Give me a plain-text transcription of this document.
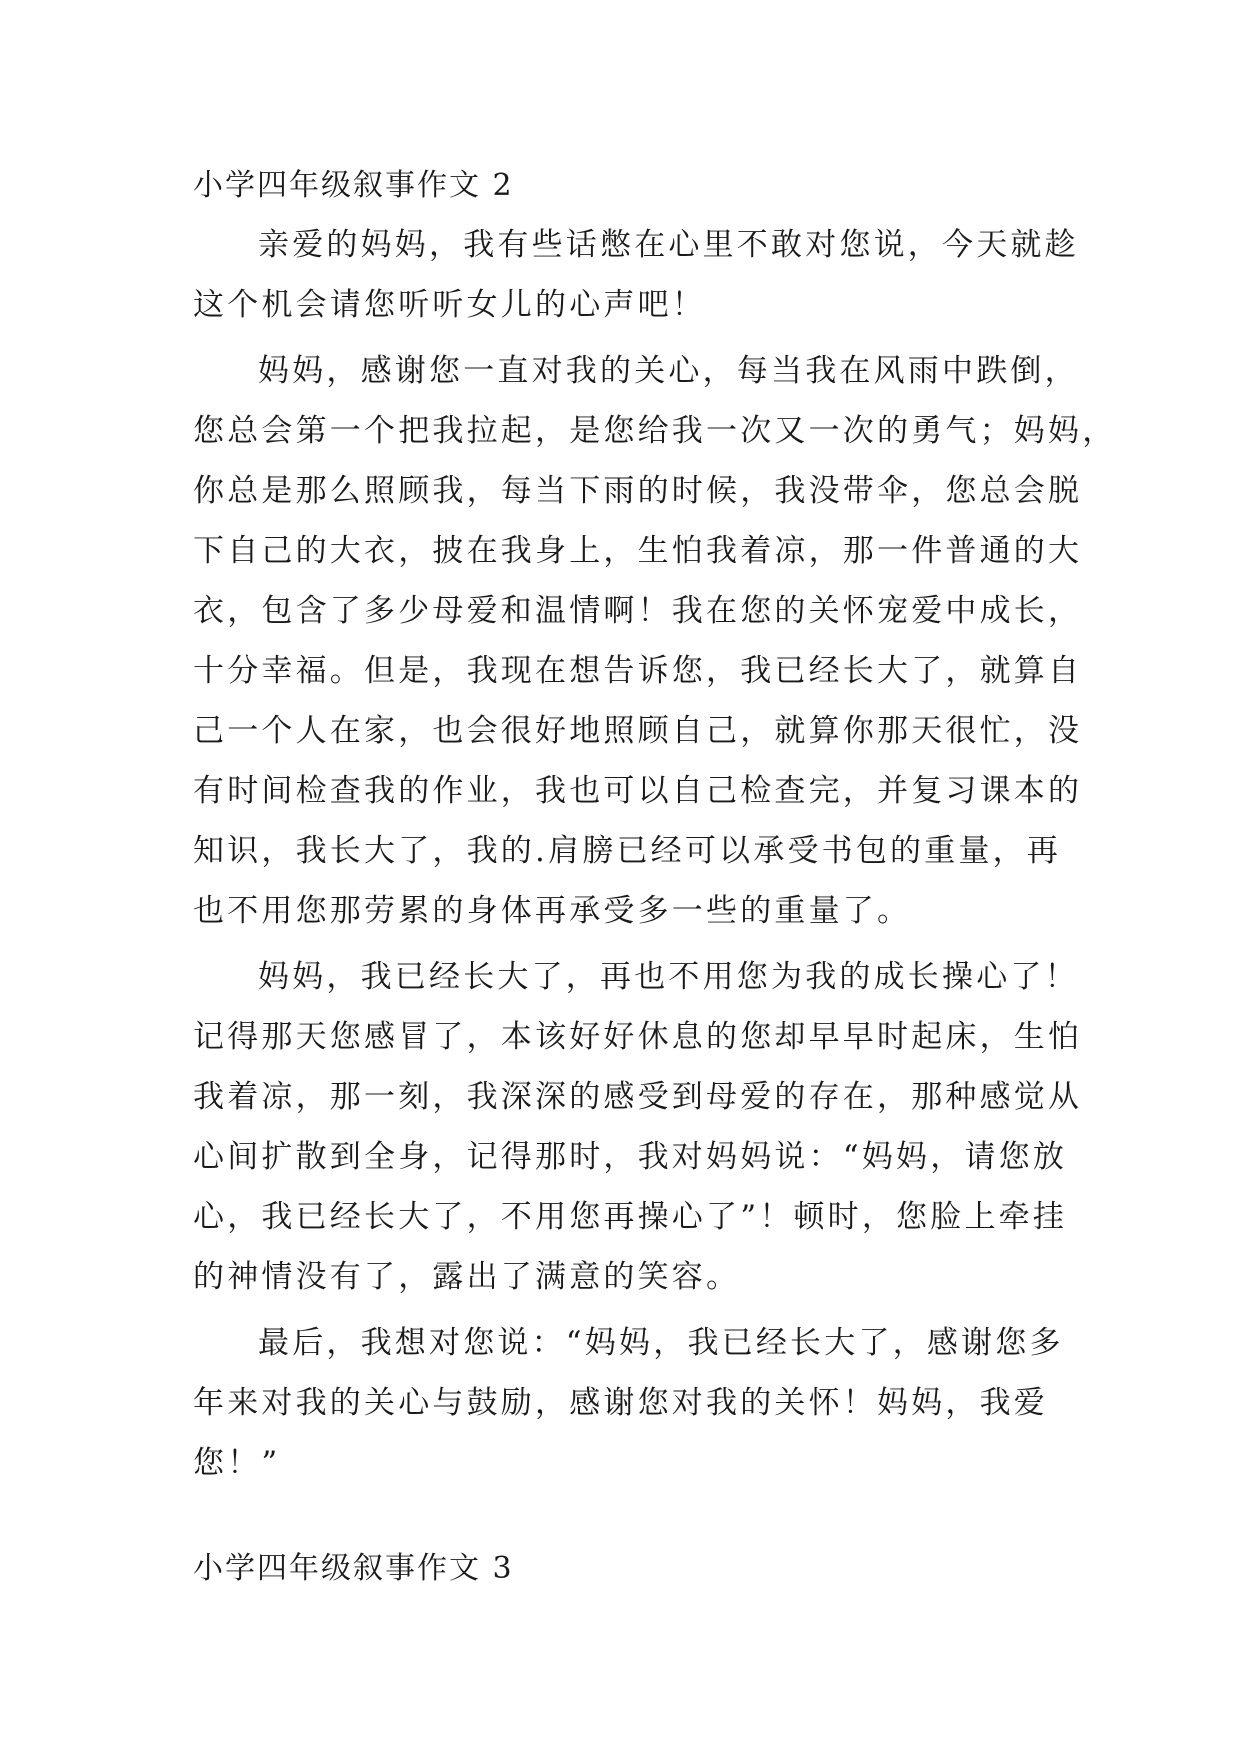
小学四年级叙事作文 2
亲爱的妈妈，我有些话憋在心里不敢对您说，今天就趁
这个机会请您听听女儿的心声吧！
妈妈，感谢您一直对我的关心，每当我在风雨中跌倒，
您总会第一个把我拉起，是您给我一次又一次的勇气；妈妈，
你总是那么照顾我，每当下雨的时候，我没带伞，您总会脱
下自己的大衣，披在我身上，生怕我着凉，那一件普通的大
衣，包含了多少母爱和温情啊！我在您的关怀宠爱中成长，
十分幸福。但是，我现在想告诉您，我已经长大了，就算自
己一个人在家，也会很好地照顾自己，就算你那天很忙，没
有时间检查我的作业，我也可以自己检查完，并复习课本的
知识，我长大了，我的.肩膀已经可以承受书包的重量，再
也不用您那劳累的身体再承受多一些的重量了。
妈妈，我已经长大了，再也不用您为我的成长操心了！
记得那天您感冒了，本该好好休息的您却早早时起床，生怕
我着凉，那一刻，我深深的感受到母爱的存在，那种感觉从
心间扩散到全身，记得那时，我对妈妈说：“妈妈，请您放
心，我已经长大了，不用您再操心了”！顿时，您脸上牵挂
的神情没有了，露出了满意的笑容。
最后，我想对您说：“妈妈，我已经长大了，感谢您多
年来对我的关心与鼓励，感谢您对我的关怀！妈妈，我爱
您！”
小学四年级叙事作文 3
